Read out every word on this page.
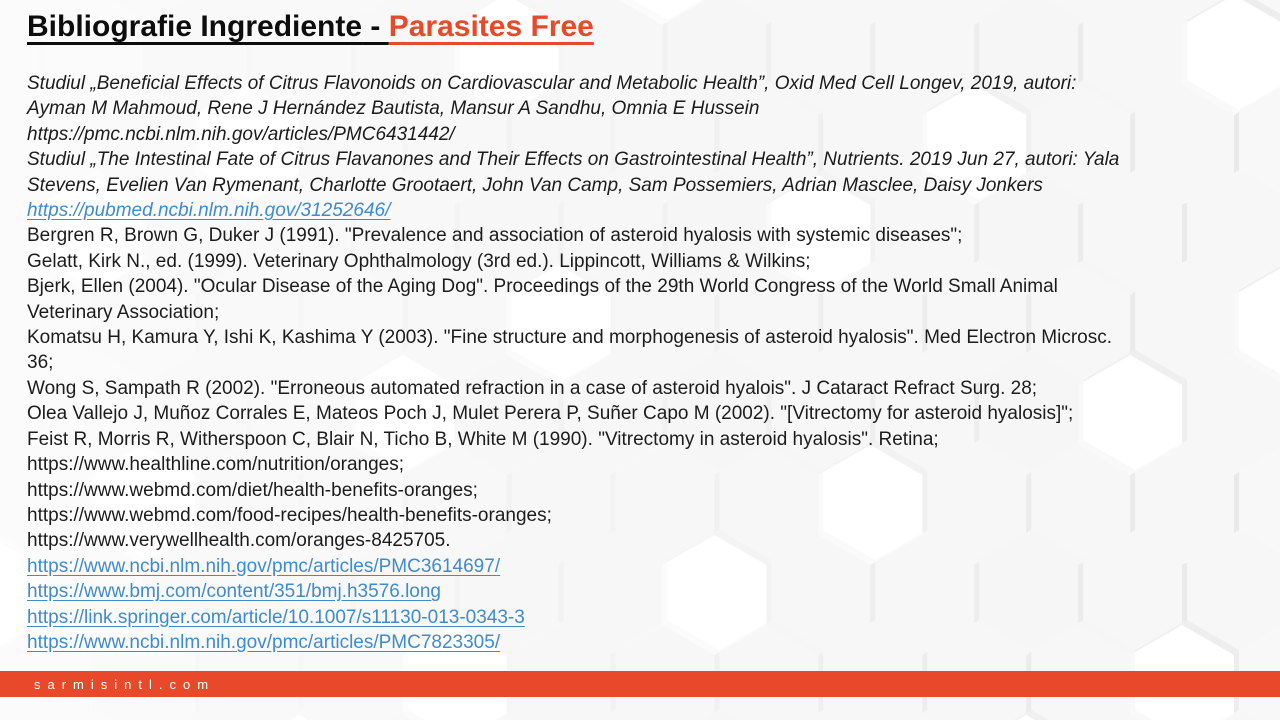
Bibliografie Ingrediente - Parasites Free
Studiul „Beneficial Effects of Citrus Flavonoids on Cardiovascular and Metabolic Health”, Oxid Med Cell Longev, 2019, autori:
Ayman M Mahmoud, Rene J Hernández Bautista, Mansur A Sandhu, Omnia E Hussein
https://pmc.ncbi.nlm.nih.gov/articles/PMC6431442/
Studiul „The Intestinal Fate of Citrus Flavanones and Their Effects on Gastrointestinal Health”, Nutrients. 2019 Jun 27, autori: Yala
Stevens, Evelien Van Rymenant, Charlotte Grootaert, John Van Camp, Sam Possemiers, Adrian Masclee, Daisy Jonkers
https://pubmed.ncbi.nlm.nih.gov/31252646/
Bergren R, Brown G, Duker J (1991). "Prevalence and association of asteroid hyalosis with systemic diseases";
Gelatt, Kirk N., ed. (1999). Veterinary Ophthalmology (3rd ed.). Lippincott, Williams & Wilkins;
Bjerk, Ellen (2004). "Ocular Disease of the Aging Dog". Proceedings of the 29th World Congress of the World Small Animal
Veterinary Association;
Komatsu H, Kamura Y, Ishi K, Kashima Y (2003). "Fine structure and morphogenesis of asteroid hyalosis". Med Electron Microsc.
36;
Wong S, Sampath R (2002). "Erroneous automated refraction in a case of asteroid hyalois". J Cataract Refract Surg. 28;
Olea Vallejo J, Muñoz Corrales E, Mateos Poch J, Mulet Perera P, Suñer Capo M (2002). "[Vitrectomy for asteroid hyalosis]";
Feist R, Morris R, Witherspoon C, Blair N, Ticho B, White M (1990). "Vitrectomy in asteroid hyalosis". Retina;
https://www.healthline.com/nutrition/oranges;
https://www.webmd.com/diet/health-benefits-oranges;
https://www.webmd.com/food-recipes/health-benefits-oranges;
https://www.verywellhealth.com/oranges-8425705.
https://www.ncbi.nlm.nih.gov/pmc/articles/PMC3614697/
https://www.bmj.com/content/351/bmj.h3576.long
https://link.springer.com/article/10.1007/s11130-013-0343-3
https://www.ncbi.nlm.nih.gov/pmc/articles/PMC7823305/
sarmisintl.com
